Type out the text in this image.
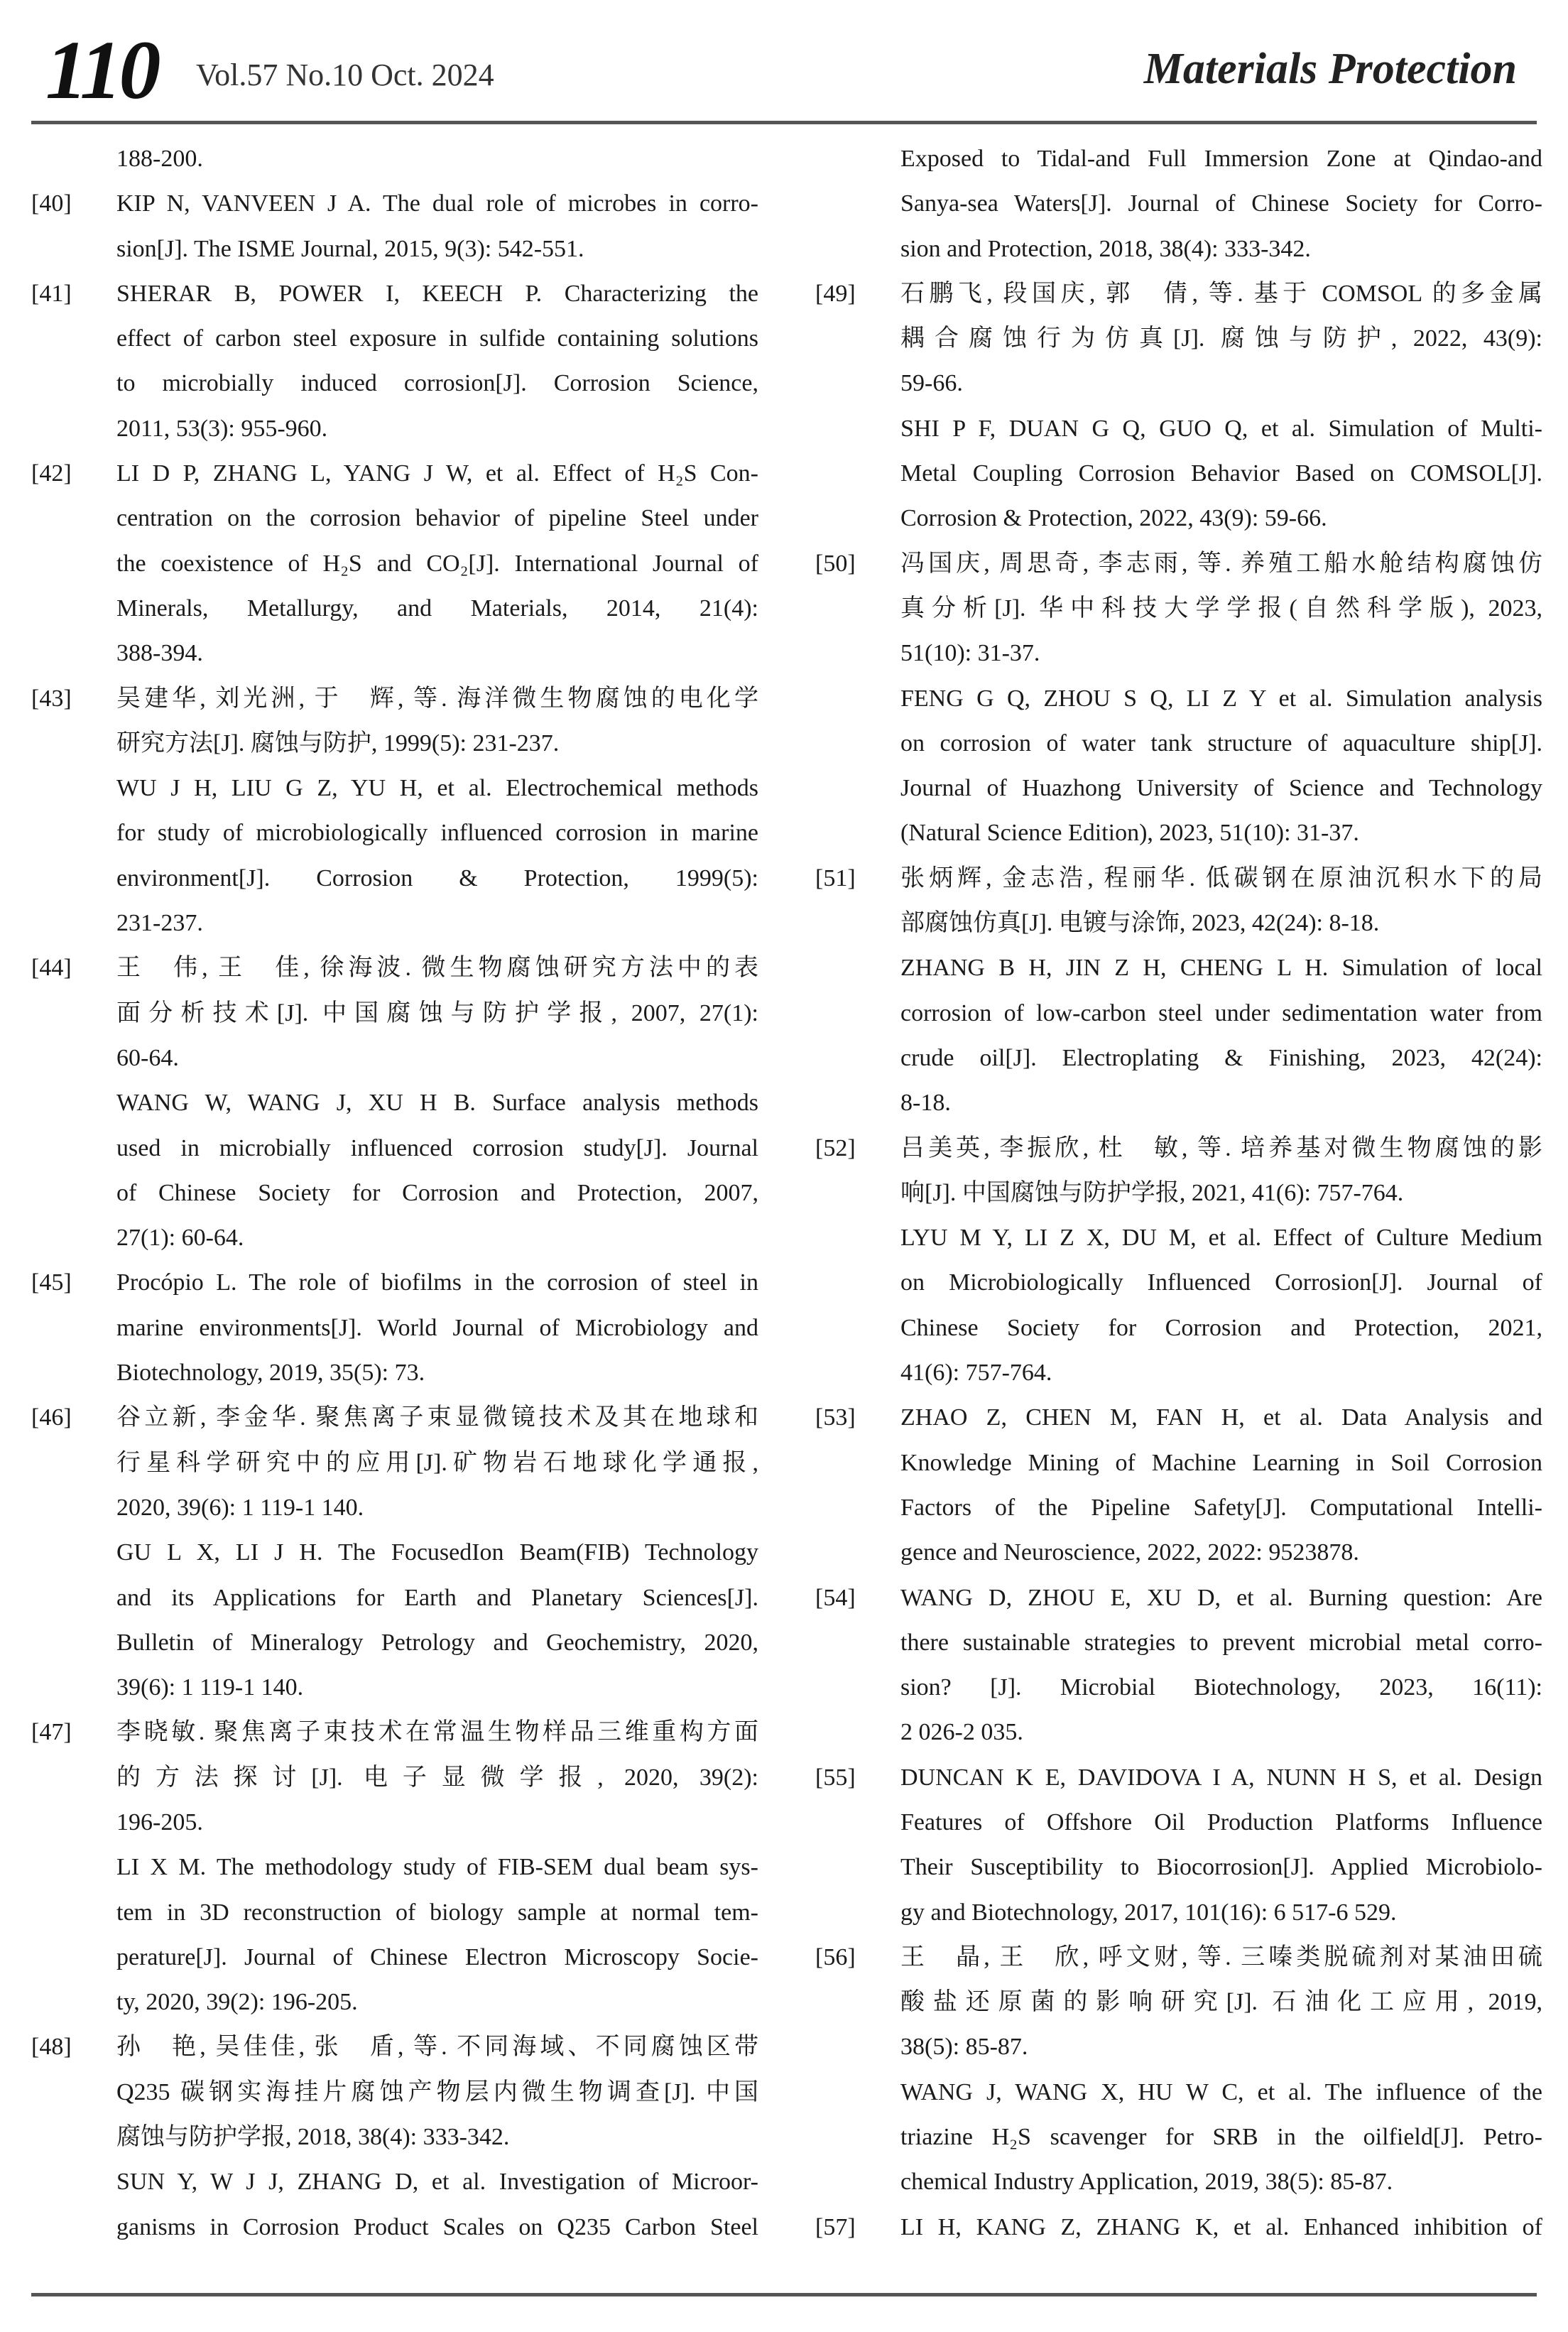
110 Vol.57 No.10 Oct. 2024	Materials Protection
188-200.
[40]	KIP N, VANVEEN J A. The dual role of microbes in corro-
sion[J]. The ISME Journal, 2015, 9(3): 542-551.
[41]	SHERAR B, POWER I, KEECH P. Characterizing the
effect of carbon steel exposure in sulfide containing solutions
to microbially induced corrosion[J]. Corrosion Science,
2011, 53(3): 955-960.
[42]	LI D P, ZHANG L, YANG J W, et al. Effect of H₂S Con-
centration on the corrosion behavior of pipeline Steel under
the coexistence of H₂S and CO₂[J]. International Journal of
Minerals, Metallurgy, and Materials, 2014, 21(4):
388-394.
[43]	吴建华, 刘光洲, 于　辉, 等. 海洋微生物腐蚀的电化学
研究方法[J]. 腐蚀与防护, 1999(5): 231-237.
WU J H, LIU G Z, YU H, et al. Electrochemical methods
for study of microbiologically influenced corrosion in marine
environment[J]. Corrosion & Protection, 1999(5):
231-237.
[44]	王　伟, 王　佳, 徐海波. 微生物腐蚀研究方法中的表
面分析技术[J]. 中国腐蚀与防护学报, 2007, 27(1):
60-64.
WANG W, WANG J, XU H B. Surface analysis methods
used in microbially influenced corrosion study[J]. Journal
of Chinese Society for Corrosion and Protection, 2007,
27(1): 60-64.
[45]	Procópio L. The role of biofilms in the corrosion of steel in
marine environments[J]. World Journal of Microbiology and
Biotechnology, 2019, 35(5): 73.
[46]	谷立新, 李金华. 聚焦离子束显微镜技术及其在地球和
行星科学研究中的应用[J].矿物岩石地球化学通报,
2020, 39(6): 1 119-1 140.
GU L X, LI J H. The FocusedIon Beam(FIB) Technology
and its Applications for Earth and Planetary Sciences[J].
Bulletin of Mineralogy Petrology and Geochemistry, 2020,
39(6): 1 119-1 140.
[47]	李晓敏. 聚焦离子束技术在常温生物样品三维重构方面
的方法探讨[J]. 电子显微学报, 2020, 39(2):
196-205.
LI X M. The methodology study of FIB-SEM dual beam sys-
tem in 3D reconstruction of biology sample at normal tem-
perature[J]. Journal of Chinese Electron Microscopy Socie-
ty, 2020, 39(2): 196-205.
[48]	孙　艳, 吴佳佳, 张　盾, 等. 不同海域、不同腐蚀区带
Q235 碳钢实海挂片腐蚀产物层内微生物调查[J]. 中国
腐蚀与防护学报, 2018, 38(4): 333-342.
SUN Y, W J J, ZHANG D, et al. Investigation of Microor-
ganisms in Corrosion Product Scales on Q235 Carbon Steel
Exposed to Tidal-and Full Immersion Zone at Qindao-and
Sanya-sea Waters[J]. Journal of Chinese Society for Corro-
sion and Protection, 2018, 38(4): 333-342.
[49]	石鹏飞, 段国庆, 郭　倩, 等. 基于 COMSOL 的多金属
耦合腐蚀行为仿真[J]. 腐蚀与防护, 2022, 43(9):
59-66.
SHI P F, DUAN G Q, GUO Q, et al. Simulation of Multi-
Metal Coupling Corrosion Behavior Based on COMSOL[J].
Corrosion & Protection, 2022, 43(9): 59-66.
[50]	冯国庆, 周思奇, 李志雨, 等. 养殖工船水舱结构腐蚀仿
真分析[J]. 华中科技大学学报(自然科学版), 2023,
51(10): 31-37.
FENG G Q, ZHOU S Q, LI Z Y et al. Simulation analysis
on corrosion of water tank structure of aquaculture ship[J].
Journal of Huazhong University of Science and Technology
(Natural Science Edition), 2023, 51(10): 31-37.
[51]	张炳辉, 金志浩, 程丽华. 低碳钢在原油沉积水下的局
部腐蚀仿真[J]. 电镀与涂饰, 2023, 42(24): 8-18.
ZHANG B H, JIN Z H, CHENG L H. Simulation of local
corrosion of low-carbon steel under sedimentation water from
crude oil[J]. Electroplating & Finishing, 2023, 42(24):
8-18.
[52]	吕美英, 李振欣, 杜　敏, 等. 培养基对微生物腐蚀的影
响[J]. 中国腐蚀与防护学报, 2021, 41(6): 757-764.
LYU M Y, LI Z X, DU M, et al. Effect of Culture Medium
on Microbiologically Influenced Corrosion[J]. Journal of
Chinese Society for Corrosion and Protection, 2021,
41(6): 757-764.
[53]	ZHAO Z, CHEN M, FAN H, et al. Data Analysis and
Knowledge Mining of Machine Learning in Soil Corrosion
Factors of the Pipeline Safety[J]. Computational Intelli-
gence and Neuroscience, 2022, 2022: 9523878.
[54]	WANG D, ZHOU E, XU D, et al. Burning question: Are
there sustainable strategies to prevent microbial metal corro-
sion? [J]. Microbial Biotechnology, 2023, 16(11):
2 026-2 035.
[55]	DUNCAN K E, DAVIDOVA I A, NUNN H S, et al. Design
Features of Offshore Oil Production Platforms Influence
Their Susceptibility to Biocorrosion[J]. Applied Microbiolo-
gy and Biotechnology, 2017, 101(16): 6 517-6 529.
[56]	王　晶, 王　欣, 呼文财, 等. 三嗪类脱硫剂对某油田硫
酸盐还原菌的影响研究[J]. 石油化工应用, 2019,
38(5): 85-87.
WANG J, WANG X, HU W C, et al. The influence of the
triazine H₂S scavenger for SRB in the oilfield[J]. Petro-
chemical Industry Application, 2019, 38(5): 85-87.
[57]	LI H, KANG Z, ZHANG K, et al. Enhanced inhibition of
